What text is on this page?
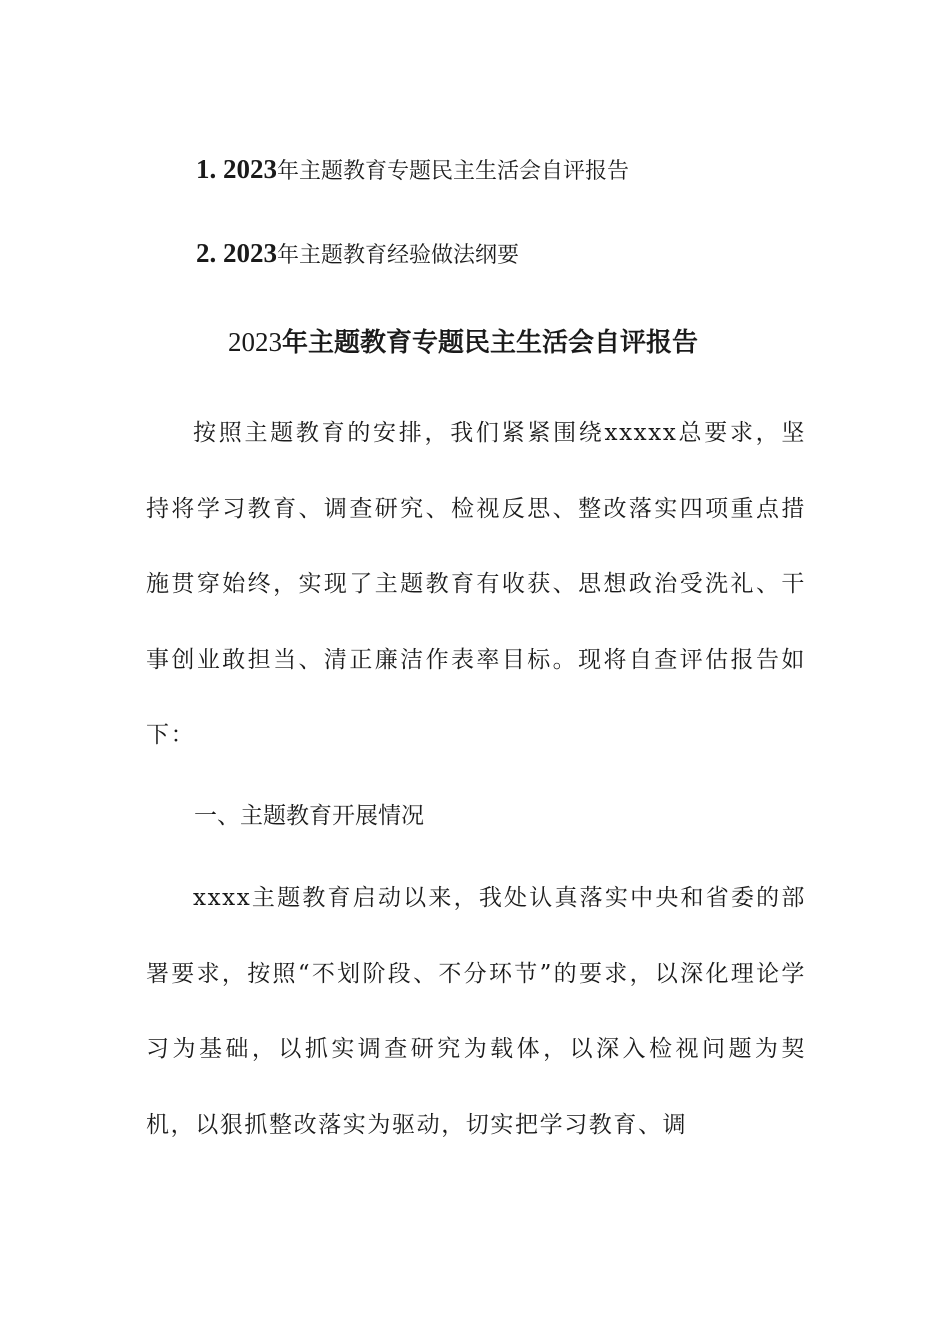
1. 2023年主题教育专题民主生活会自评报告
2. 2023年主题教育经验做法纲要
2023年主题教育专题民主生活会自评报告

按照主题教育的安排，我们紧紧围绕xxxxx总要求，坚持将学习教育、调查研究、检视反思、整改落实四项重点措施贯穿始终，实现了主题教育有收获、思想政治受洗礼、干事创业敢担当、清正廉洁作表率目标。现将自查评估报告如下：

一、主题教育开展情况

xxxx主题教育启动以来，我处认真落实中央和省委的部署要求，按照“不划阶段、不分环节”的要求，以深化理论学习为基础，以抓实调查研究为载体，以深入检视问题为契机，以狠抓整改落实为驱动，切实把学习教育、调
